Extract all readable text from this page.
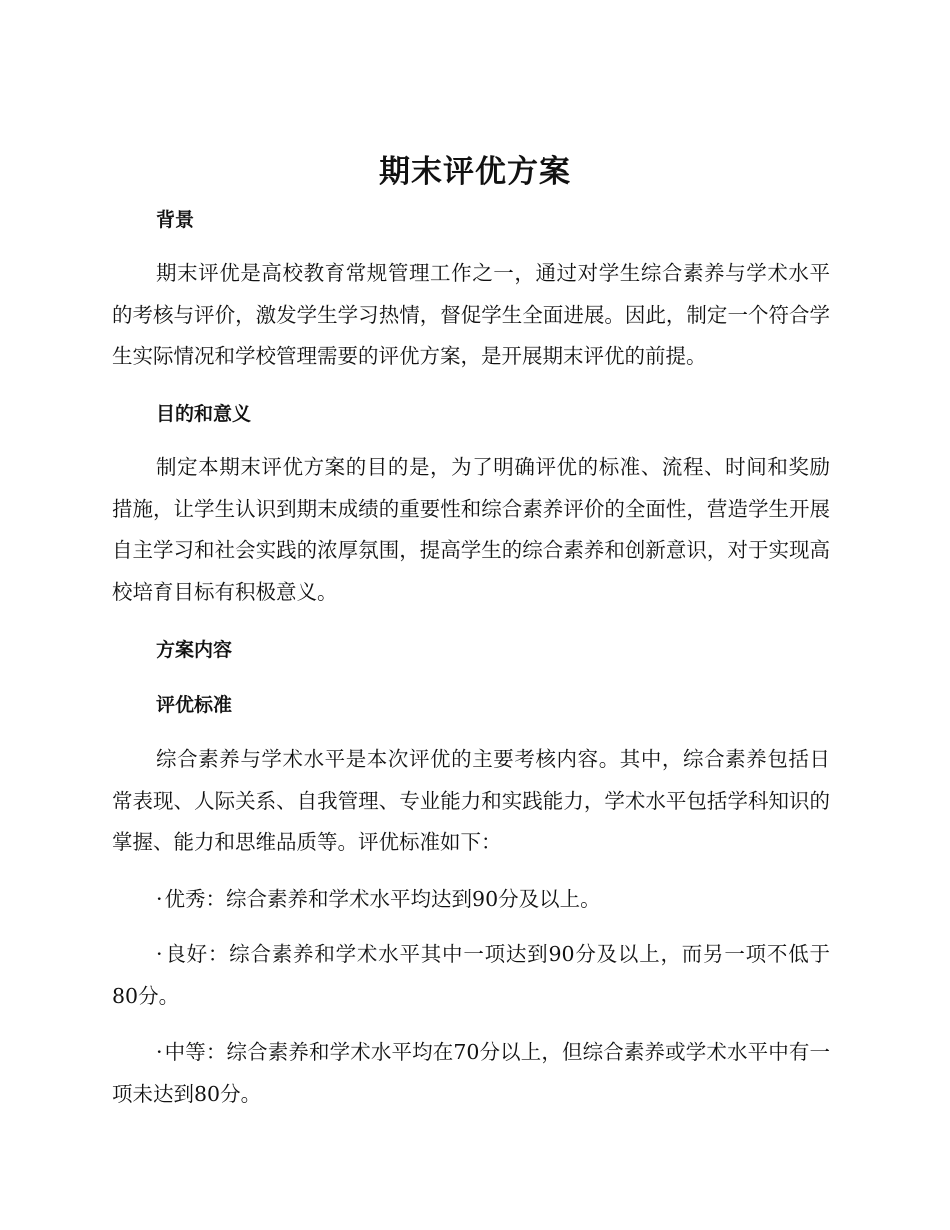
期末评优方案
背景

期末评优是高校教育常规管理工作之一，通过对学生综合素养与学术水平的考核与评价，激发学生学习热情，督促学生全面进展。因此，制定一个符合学生实际情况和学校管理需要的评优方案，是开展期末评优的前提。

目的和意义

制定本期末评优方案的目的是，为了明确评优的标准、流程、时间和奖励措施，让学生认识到期末成绩的重要性和综合素养评价的全面性，营造学生开展自主学习和社会实践的浓厚氛围，提高学生的综合素养和创新意识，对于实现高校培育目标有积极意义。

方案内容
评优标准

综合素养与学术水平是本次评优的主要考核内容。其中，综合素养包括日常表现、人际关系、自我管理、专业能力和实践能力，学术水平包括学科知识的掌握、能力和思维品质等。评优标准如下：

·优秀：综合素养和学术水平均达到90分及以上。

·良好：综合素养和学术水平其中一项达到90分及以上，而另一项不低于80分。

·中等：综合素养和学术水平均在70分以上，但综合素养或学术水平中有一项未达到80分。
